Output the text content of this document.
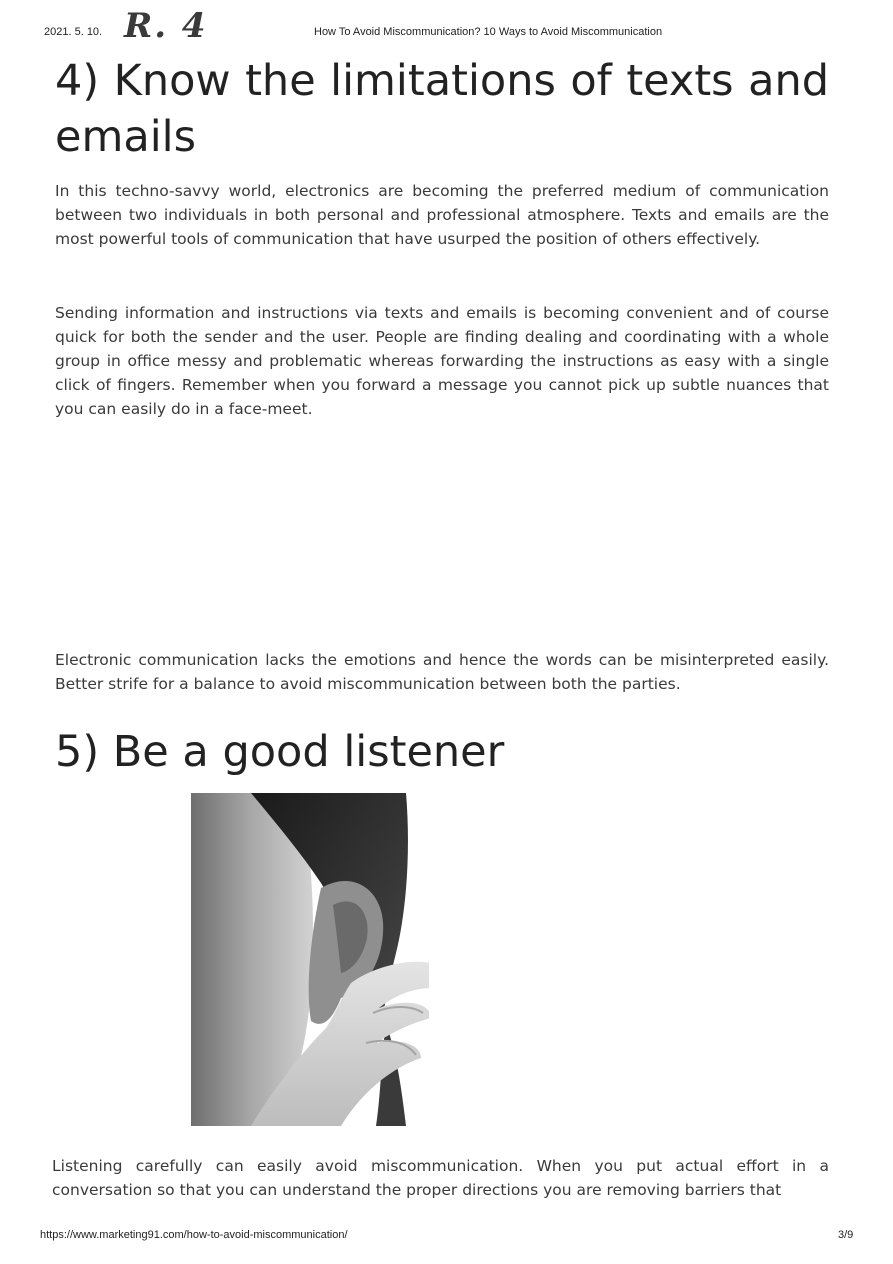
2021. 5. 10. R. 4	How To Avoid Miscommunication? 10 Ways to Avoid Miscommunication
4) Know the limitations of texts and emails

In this techno-savvy world, electronics are becoming the preferred medium of communication between two individuals in both personal and professional atmosphere. Texts and emails are the most powerful tools of communication that have usurped the position of others effectively.

Sending information and instructions via texts and emails is becoming convenient and of course quick for both the sender and the user. People are finding dealing and coordinating with a whole group in office messy and problematic whereas forwarding the instructions as easy with a single click of fingers. Remember when you forward a message you cannot pick up subtle nuances that you can easily do in a face-meet.

Electronic communication lacks the emotions and hence the words can be misinterpreted easily. Better strife for a balance to avoid miscommunication between both the parties.

5) Be a good listener

Listening carefully can easily avoid miscommunication. When you put actual effort in a conversation so that you can understand the proper directions you are removing barriers that

https://www.marketing91.com/how-to-avoid-miscommunication/	3/9
